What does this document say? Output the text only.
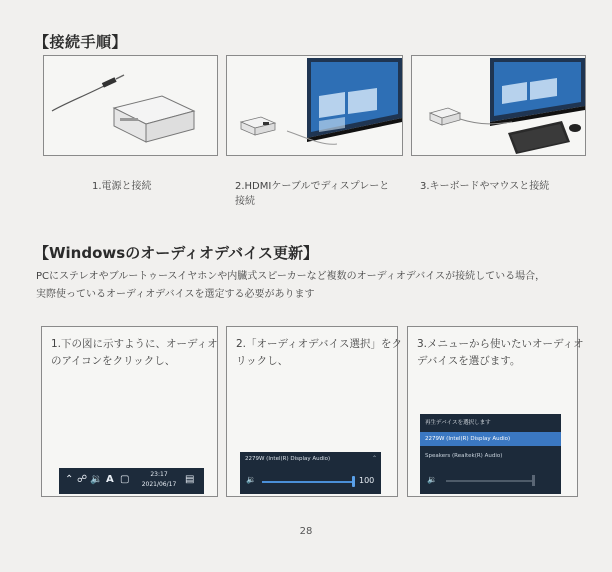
【接続手順】
1.電源と接続	2.HDMIケーブルでディスプレーと
接続
3.キーボードやマウスと接続
【Windowsのオーディオデバイス更新】
PCにステレオやブルートゥースイヤホンや内臓式スピーカーなど複数のオーディオデバイスが接続している場合，
実際使っているオーディオデバイスを選定する必要があります
1.下の図に示すように、オーディオ
のアイコンをクリックし、
2.「オーディオデバイス選択」をク
リックし、
3.メニューから使いたいオーディオ
デバイスを選びます。
⌃ ☍ 🔉 A ▢	23:17
2021/06/17 ▤
2279W (Intel(R) Display Audio)	⌃
🔉	100
再生デバイスを選択します
2279W (Intel(R) Display Audio)
Speakers (Realtek(R) Audio)
🔉
28
